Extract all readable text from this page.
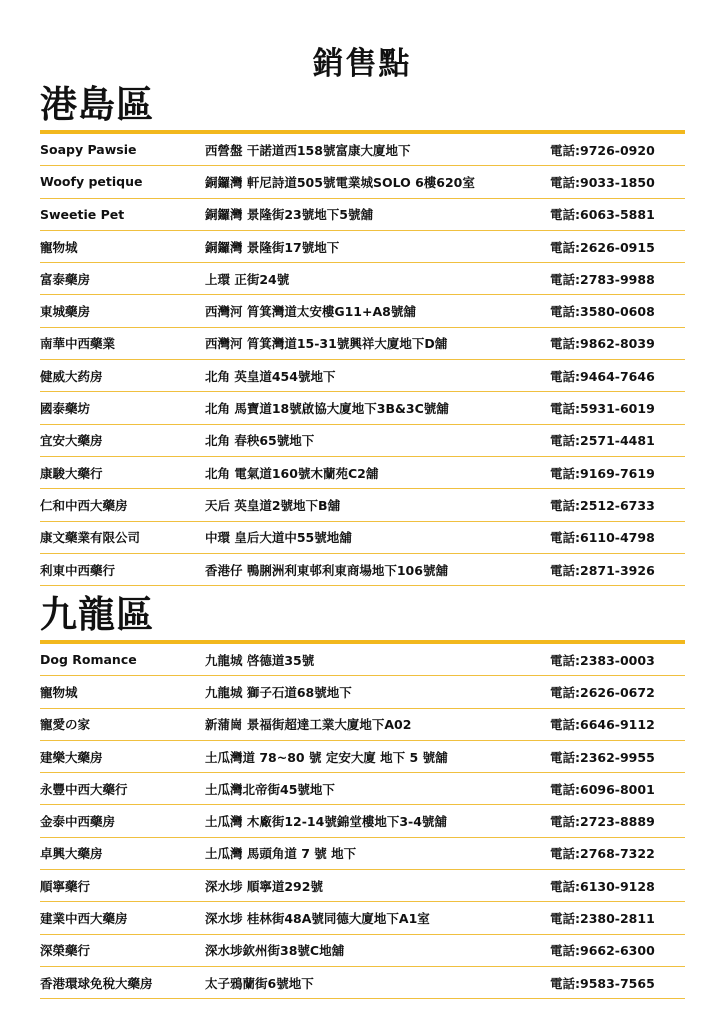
銷售點
港島區
Soapy Pawsie	西營盤 干諾道西158號富康大廈地下	電話:9726-0920
Woofy petique	銅鑼灣 軒尼詩道505號電業城SOLO 6樓620室	電話:9033-1850
Sweetie Pet	銅鑼灣 景隆街23號地下5號舖	電話:6063-5881
寵物城	銅鑼灣 景隆街17號地下	電話:2626-0915
富泰藥房	上環 正街24號	電話:2783-9988
東城藥房	西灣河 筲箕灣道太安樓G11+A8號舖	電話:3580-0608
南華中西藥業	西灣河 筲箕灣道15-31號興祥大廈地下D舖	電話:9862-8039
健威大药房	北角 英皇道454號地下	電話:9464-7646
國泰藥坊	北角 馬寶道18號啟協大廈地下3B&3C號舖	電話:5931-6019
宜安大藥房	北角 春秧65號地下	電話:2571-4481
康駿大藥行	北角 電氣道160號木蘭苑C2舖	電話:9169-7619
仁和中西大藥房	天后 英皇道2號地下B舖	電話:2512-6733
康文藥業有限公司	中環 皇后大道中55號地舖	電話:6110-4798
利東中西藥行	香港仔 鴨脷洲利東邨利東商場地下106號舖	電話:2871-3926
九龍區
Dog Romance	九龍城 啓德道35號	電話:2383-0003
寵物城	九龍城 獅子石道68號地下	電話:2626-0672
寵愛の家	新蒲崗 景福街超達工業大廈地下A02	電話:6646-9112
建樂大藥房	土瓜灣道 78~80 號 定安大廈 地下 5 號舖	電話:2362-9955
永豐中西大藥行	土瓜灣北帝街45號地下	電話:6096-8001
金泰中西藥房	土瓜灣 木廠街12-14號錦堂樓地下3-4號舖	電話:2723-8889
卓興大藥房	土瓜灣 馬頭角道 7 號 地下	電話:2768-7322
順寧藥行	深水埗 順寧道292號	電話:6130-9128
建業中西大藥房	深水埗 桂林街48A號同德大廈地下A1室	電話:2380-2811
深榮藥行	深水埗欽州街38號C地舖	電話:9662-6300
香港環球免稅大藥房	太子鴉蘭街6號地下	電話:9583-7565
